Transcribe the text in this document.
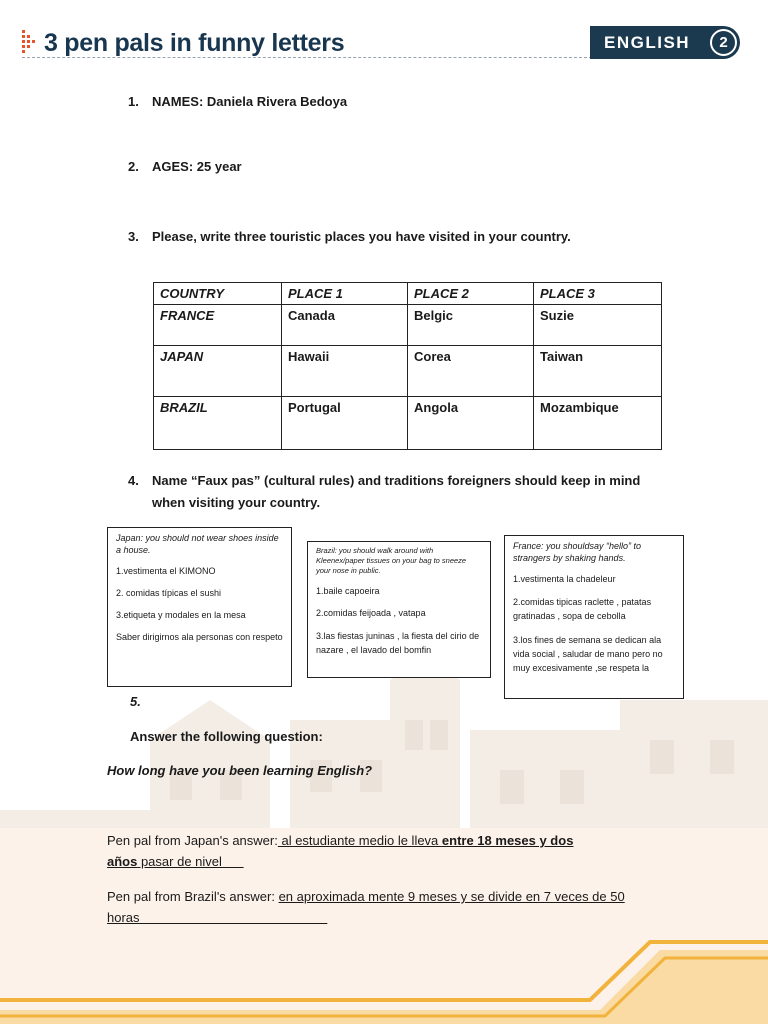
3 pen pals in funny letters	ENGLISH	2
1. NAMES: Daniela Rivera Bedoya
2. AGES: 25 year
3. Please, write three touristic places you have visited in your country.
COUNTRY	PLACE 1	PLACE 2	PLACE 3
FRANCE	Canada	Belgic	Suzie
JAPAN	Hawaii	Corea	Taiwan
BRAZIL	Portugal	Angola	Mozambique
4. Name “Faux pas” (cultural rules) and traditions foreigners should keep in mind
when visiting your country.
Japan: you should not wear shoes inside a house.

1.vestimenta el KIMONO

2. comidas típicas el sushi

3.etiqueta y modales en la mesa

Saber dirigirnos ala personas con respeto

Brazil: you should walk around with Kleenex/paper tissues on your bag to sneeze your nose in public.

1.baile capoeira

2.comidas feijoada , vatapa

3.las fiestas juninas , la fiesta del cirio de nazare , el lavado del bomfin

France: you shouldsay “hello” to strangers by shaking hands.

1.vestimenta la chadeleur

2.comidas tipicas raclette , patatas gratinadas , sopa de cebolla

3.los fines de semana se dedican ala vida social , saludar de mano pero no muy excesivamente ,se respeta la

5.
Answer the following question:
How long have you been learning English?
Pen pal from Japan's answer: al estudiante medio le lleva entre 18 meses y dos
años pasar de nivel
Pen pal from Brazil's answer: en aproximada mente 9 meses y se divide en 7 veces de 50
horas
